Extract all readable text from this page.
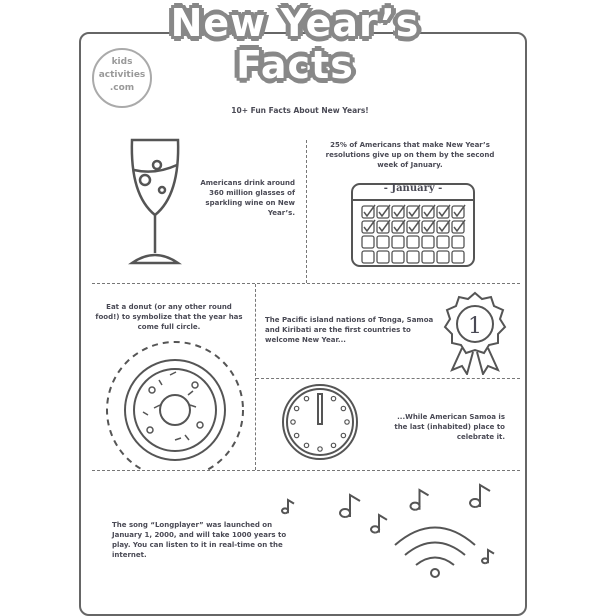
New Year’s
Facts
kids
activities
.com
10+ Fun Facts About New Years!
Americans drink around 360 million glasses of sparkling wine on New Year’s.
25% of Americans that make New Year’s resolutions give up on them by the second week of January.
- January -
Eat a donut (or any other round food!) to symbolize that the year has come full circle.
The Pacific island nations of Tonga, Samoa and Kiribati are the first countries to welcome New Year...
1
...While American Samoa is the last (inhabited) place to celebrate it.
The song “Longplayer” was launched on January 1, 2000, and will take 1000 years to play. You can listen to it in real-time on the internet.
